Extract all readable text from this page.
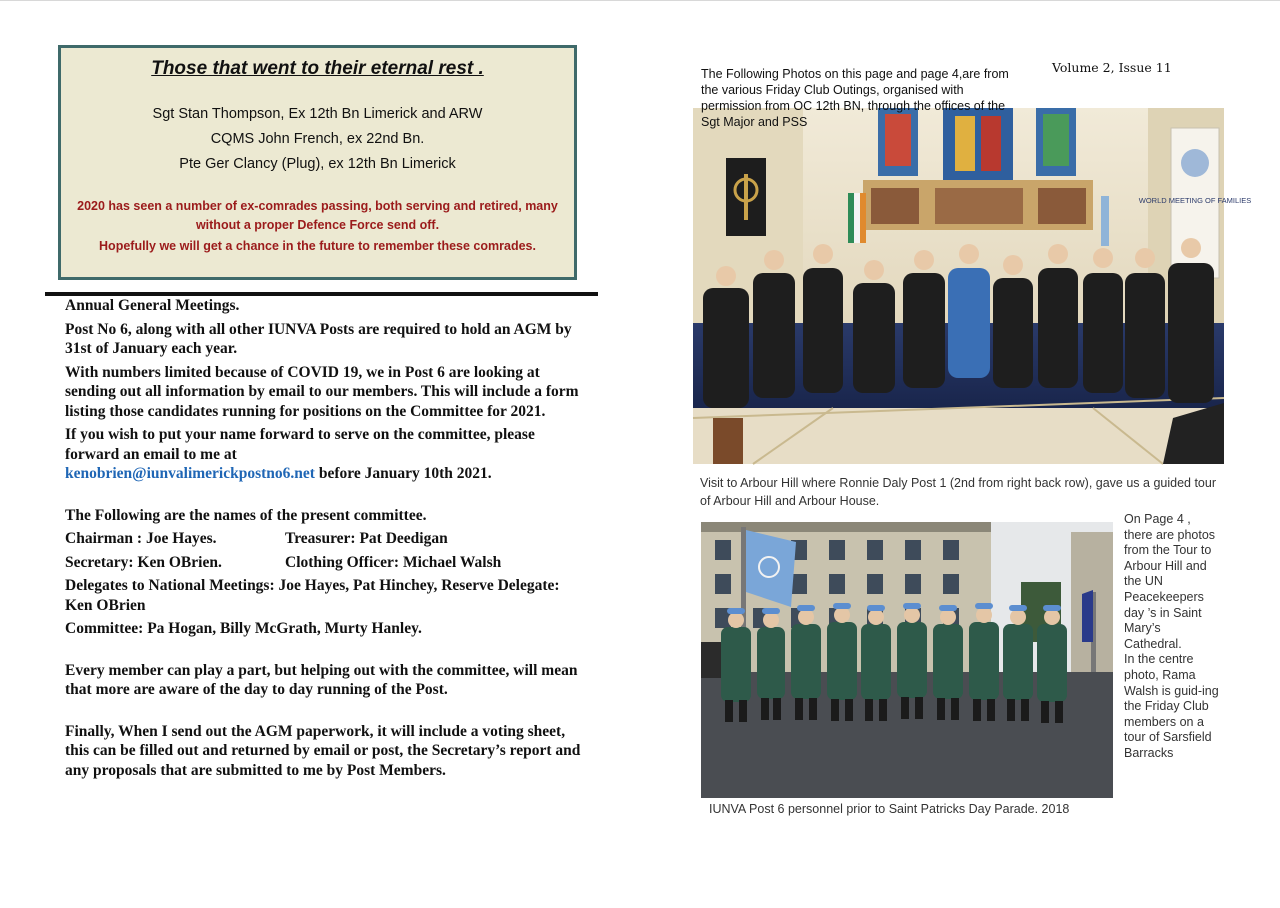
Those that went to their eternal rest .
Sgt Stan Thompson, Ex 12th Bn Limerick and ARW
CQMS John French, ex 22nd Bn.
Pte Ger Clancy (Plug), ex 12th Bn Limerick
2020 has seen a number of ex-comrades passing, both serving and retired, many without a proper Defence Force send off.
Hopefully we will get a chance in the future to remember these comrades.

Annual General Meetings.

Post No 6, along with all other IUNVA Posts are required to hold an AGM by 31st of January each year.

With numbers limited because of COVID 19, we in Post 6 are looking at sending out all information by email to our members. This will include a form listing those candidates running for positions on the Committee for 2021.

If you wish to put your name forward to serve on the committee, please forward an email to me at
kenobrien@iunvalimerickpostno6.net before January 10th 2021.

The Following are the names of the present committee.

Chairman : Joe Hayes.	Treasurer: Pat Deedigan
Secretary: Ken OBrien.	Clothing Officer: Michael Walsh

Delegates to National Meetings: Joe Hayes, Pat Hinchey, Reserve Delegate: Ken OBrien

Committee: Pa Hogan, Billy McGrath, Murty Hanley.

Every member can play a part, but helping out with the committee, will mean that more are aware of the day to day running of the Post.

Finally, When I send out the AGM paperwork, it will include a voting sheet, this can be filled out and returned by email or post, the Secretary’s report and any proposals that are submitted to me by Post Members.

Volume 2, Issue 11
The Following Photos on this page and page 4,are from the various Friday Club Outings, organised with permission from OC 12th BN, through the offices of the Sgt Major and PSS
WORLD MEETING OF FAMILIES
Visit to Arbour Hill where Ronnie Daly Post 1 (2nd from right back row), gave us a guided tour of Arbour Hill and Arbour House.
IUNVA Post 6 personnel prior to Saint Patricks Day Parade. 2018

On Page 4 , there are photos from the Tour to Arbour Hill and the UN Peacekeepers day ’s in Saint Mary’s Cathedral.

In the centre photo, Rama Walsh is guid-ing the Friday Club members on a tour of Sarsfield Barracks
